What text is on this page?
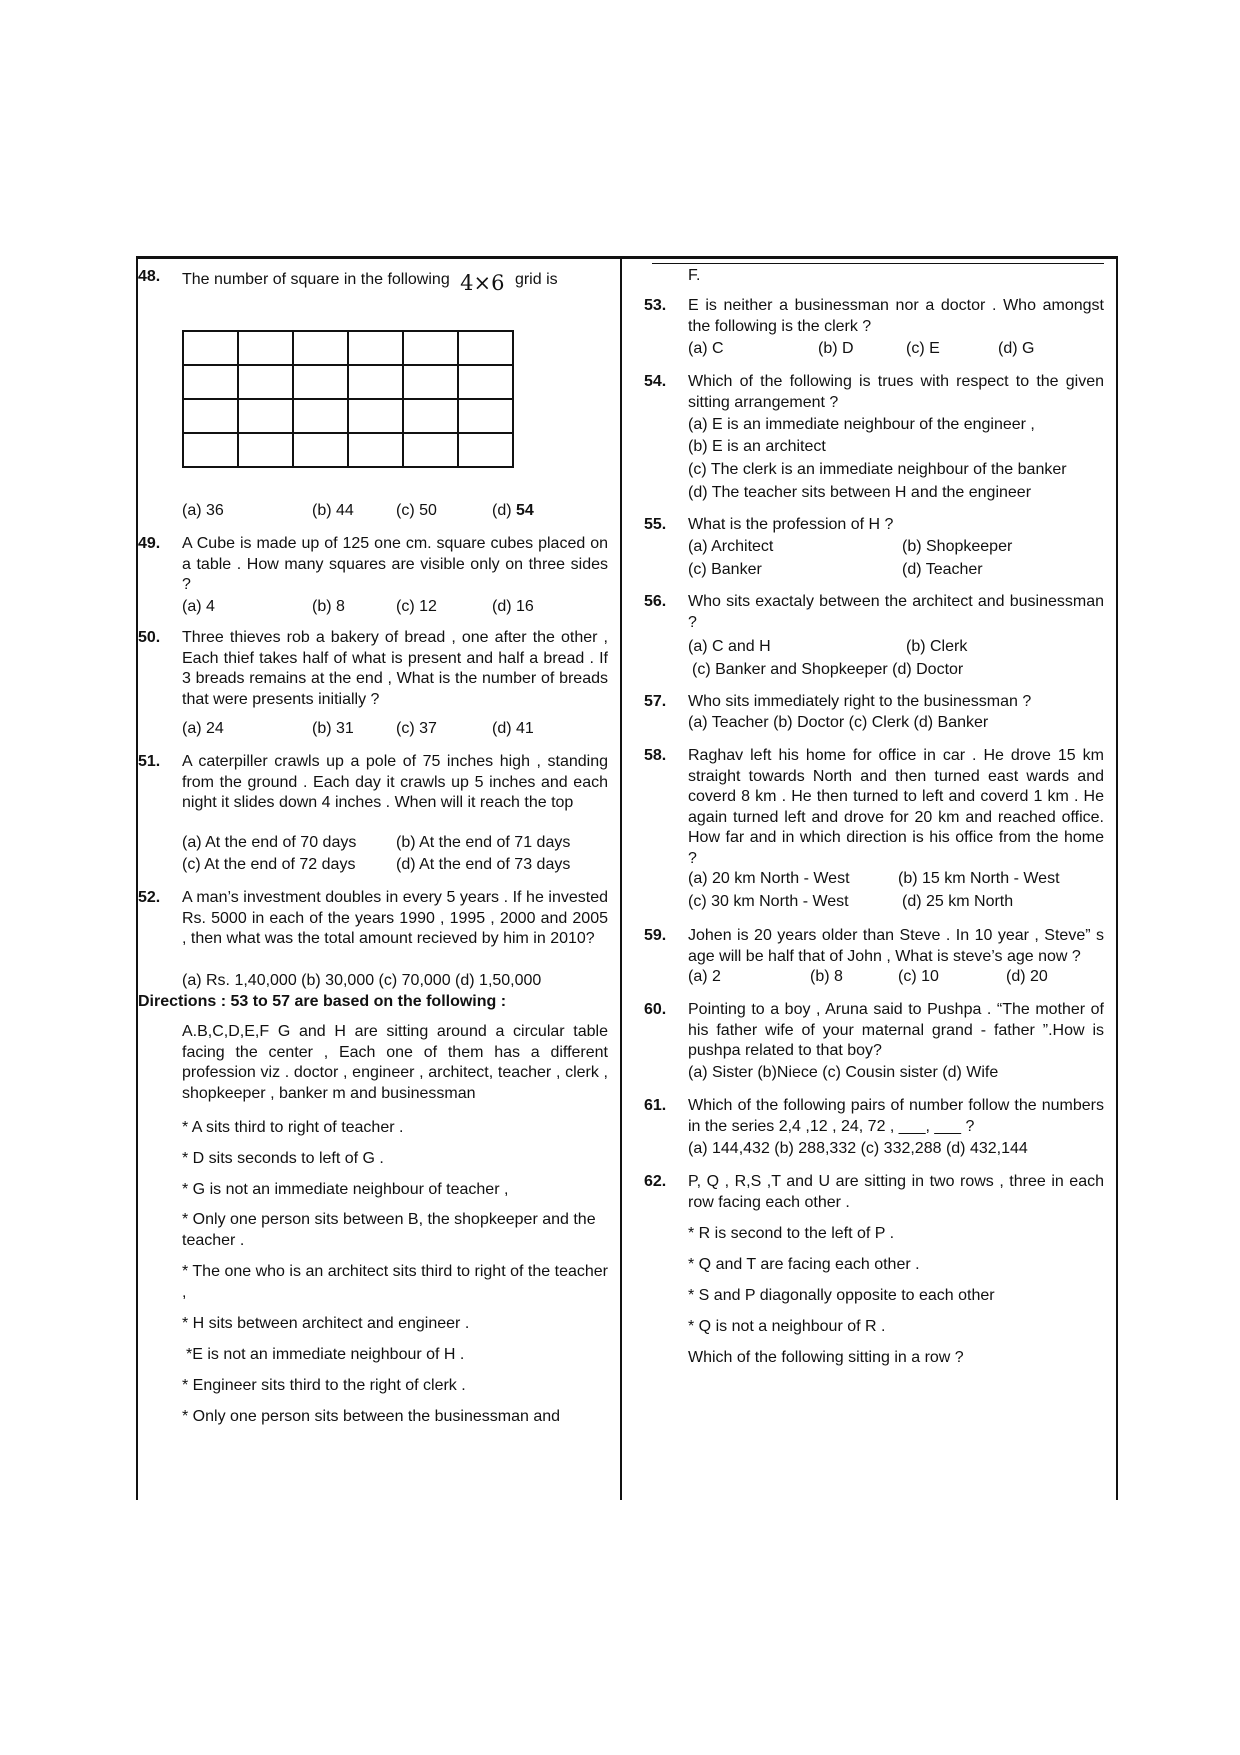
48. The number of square in the following 4×6 grid is

(a) 36	(b) 44	(c) 50	(d) 54
49. A Cube is made up of 125 one cm. square cubes placed on a table . How many squares are visible only on three sides ?
(a) 4	(b) 8	(c) 12	(d) 16
50. Three thieves rob a bakery of bread , one after the other , Each thief takes half of what is present and half a bread . If 3 breads remains at the end , What is the number of breads that were presents initially ?
(a) 24	(b) 31	(c) 37	(d) 41
51. A caterpiller crawls up a pole of 75 inches high , standing from the ground . Each day it crawls up 5 inches and each night it slides down 4 inches . When will it reach the top
(a) At the end of 70 days (b) At the end of 71 days
(c) At the end of 72 days	(d) At the end of 73 days
52. A man’s investment doubles in every 5 years . If he invested Rs. 5000 in each of the years 1990 , 1995 , 2000 and 2005 , then what was the total amount recieved by him in 2010?
(a) Rs. 1,40,000 (b) 30,000 (c) 70,000 (d) 1,50,000
Directions : 53 to 57 are based on the following :
A.B,C,D,E,F G and H are sitting around a circular table facing the center , Each one of them has a different profession viz . doctor , engineer , architect, teacher , clerk , shopkeeper , banker m and businessman
* A sits third to right of teacher .
* D sits seconds to left of G .
* G is not an immediate neighbour of teacher ,
* Only one person sits between B, the shopkeeper and the teacher .
* The one who is an architect sits third to right of the teacher ,
* H sits between architect and engineer .
*E is not an immediate neighbour of H .
* Engineer sits third to the right of clerk .
* Only one person sits between the businessman and
F.
53. E is neither a businessman nor a doctor . Who amongst the following is the clerk ?
(a) C	(b) D	(c) E	(d) G
54. Which of the following is trues with respect to the given sitting arrangement ?
(a) E is an immediate neighbour of the engineer ,
(b) E is an architect
(c) The clerk is an immediate neighbour of the banker
(d) The teacher sits between H and the engineer
55. What is the profession of H ?
(a) Architect	(b) Shopkeeper
(c) Banker	(d) Teacher
56. Who sits exactaly between the architect and businessman ?
(a) C and H	(b) Clerk
(c) Banker and Shopkeeper (d) Doctor
57. Who sits immediately right to the businessman ?
(a) Teacher (b) Doctor (c) Clerk (d) Banker
58. Raghav left his home for office in car . He drove 15 km straight towards North and then turned east wards and coverd 8 km . He then turned to left and coverd 1 km . He again turned left and drove for 20 km and reached office. How far and in which direction is his office from the home ?
(a) 20 km North - West	(b) 15 km North - West
(c) 30 km North - West	(d) 25 km North
59. Johen is 20 years older than Steve . In 10 year , Steve” s age will be half that of John , What is steve’s age now ?
(a) 2	(b) 8	(c) 10	(d) 20
60. Pointing to a boy , Aruna said to Pushpa . “The mother of his father wife of your maternal grand - father ”.How is pushpa related to that boy?
(a) Sister (b)Niece (c) Cousin sister (d) Wife
61. Which of the following pairs of number follow the numbers in the series 2,4 ,12 , 24, 72 , ___, ___ ?
(a) 144,432 (b) 288,332 (c) 332,288 (d) 432,144
62. P, Q , R,S ,T and U are sitting in two rows , three in each row facing each other .
* R is second to the left of P .
* Q and T are facing each other .
* S and P diagonally opposite to each other
* Q is not a neighbour of R .
Which of the following sitting in a row ?
